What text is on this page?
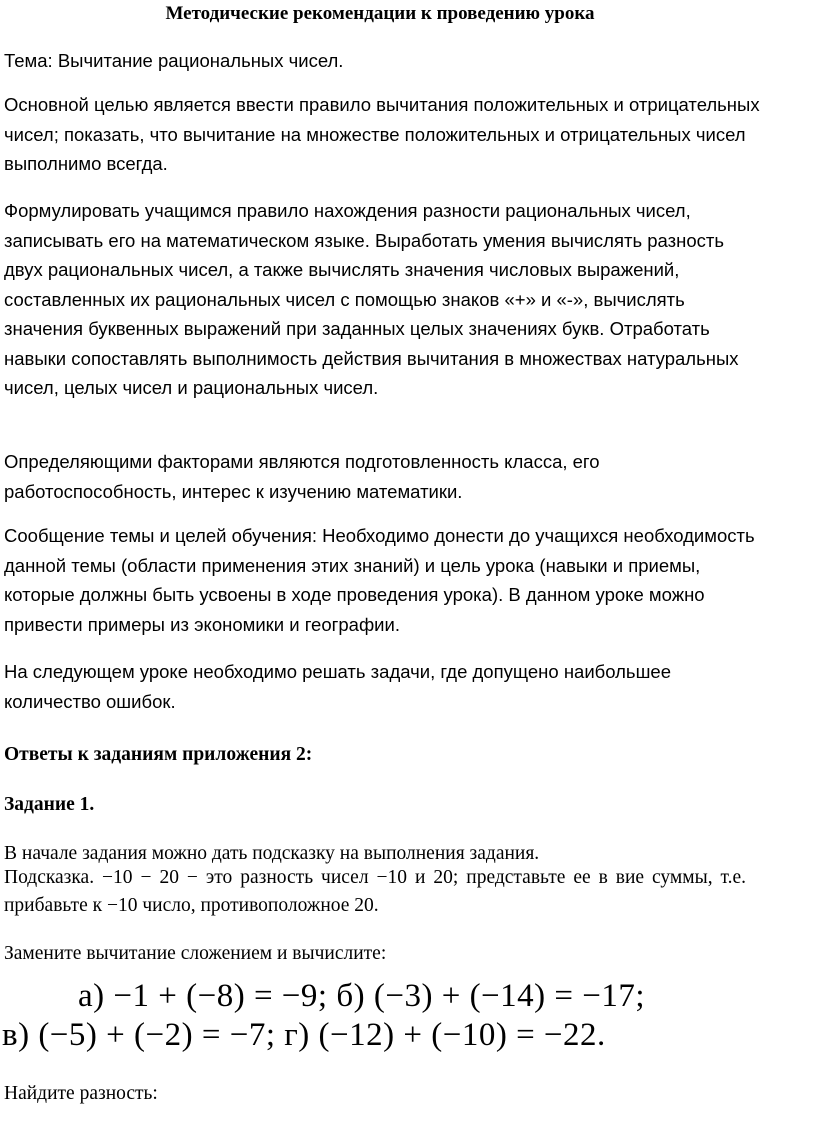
Методические рекомендации к проведению урока

Тема: Вычитание рациональных чисел.

Основной целью является ввести правило вычитания положительных и отрицательных чисел; показать, что вычитание на множестве положительных и отрицательных чисел выполнимо всегда.

Формулировать учащимся правило нахождения разности рациональных чисел, записывать его на математическом языке. Выработать умения вычислять разность двух рациональных чисел, а также вычислять значения числовых выражений, составленных их рациональных чисел с помощью знаков «+» и «-», вычислять значения буквенных выражений при заданных целых значениях букв. Отработать навыки сопоставлять выполнимость действия вычитания в множествах натуральных чисел, целых чисел и рациональных чисел.

Определяющими факторами являются подготовленность класса, его работоспособность, интерес к изучению математики.

Сообщение темы и целей обучения: Необходимо донести до учащихся необходимость данной темы (области применения этих знаний) и цель урока (навыки и приемы, которые должны быть усвоены в ходе проведения урока). В данном уроке можно привести примеры из экономики и географии.

На следующем уроке необходимо решать задачи, где допущено наибольшее количество ошибок.

Ответы к заданиям приложения 2:

Задание 1.

В начале задания можно дать подсказку на выполнения задания.

Подсказка. −10 − 20 − это разность чисел −10 и 20; представьте ее в вие суммы, т.е. прибавьте к −10 число, противоположное 20.

Замените вычитание сложением и вычислите:

а) −1 + (−8) = −9; б) (−3) + (−14) = −17;
в) (−5) + (−2) = −7; г) (−12) + (−10) = −22.

Найдите разность:
